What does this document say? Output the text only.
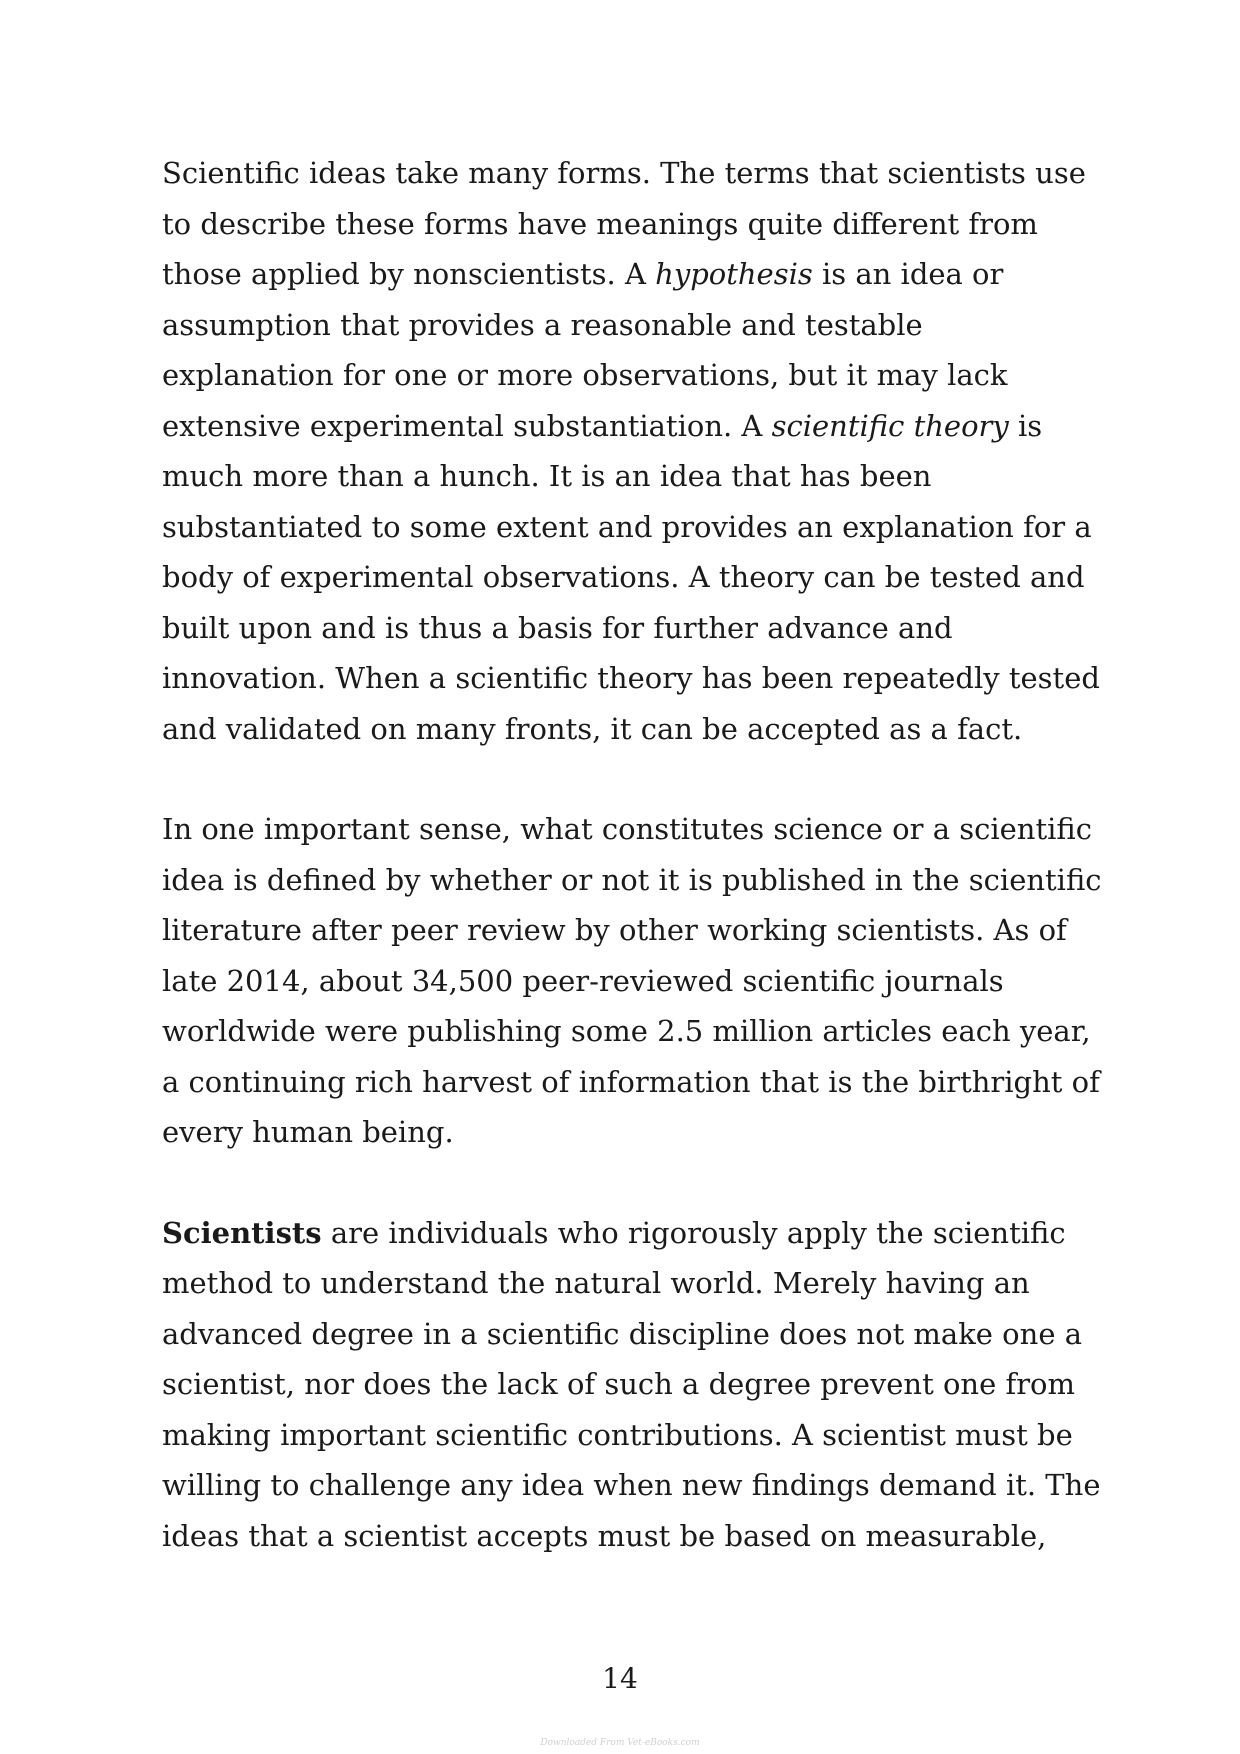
Scientific ideas take many forms. The terms that scientists use to describe these forms have meanings quite different from those applied by nonscientists. A hypothesis is an idea or assumption that provides a reasonable and testable explanation for one or more observations, but it may lack extensive experimental substantiation. A scientific theory is much more than a hunch. It is an idea that has been substantiated to some extent and provides an explanation for a body of experimental observations. A theory can be tested and built upon and is thus a basis for further advance and innovation. When a scientific theory has been repeatedly tested and validated on many fronts, it can be accepted as a fact.

In one important sense, what constitutes science or a scientific idea is defined by whether or not it is published in the scientific literature after peer review by other working scientists. As of late 2014, about 34,500 peer-reviewed scientific journals worldwide were publishing some 2.5 million articles each year, a continuing rich harvest of information that is the birthright of every human being.

Scientists are individuals who rigorously apply the scientific method to understand the natural world. Merely having an advanced degree in a scientific discipline does not make one a scientist, nor does the lack of such a degree prevent one from making important scientific contributions. A scientist must be willing to challenge any idea when new findings demand it. The ideas that a scientist accepts must be based on measurable,

14
Downloaded From Vet-eBooks.com
